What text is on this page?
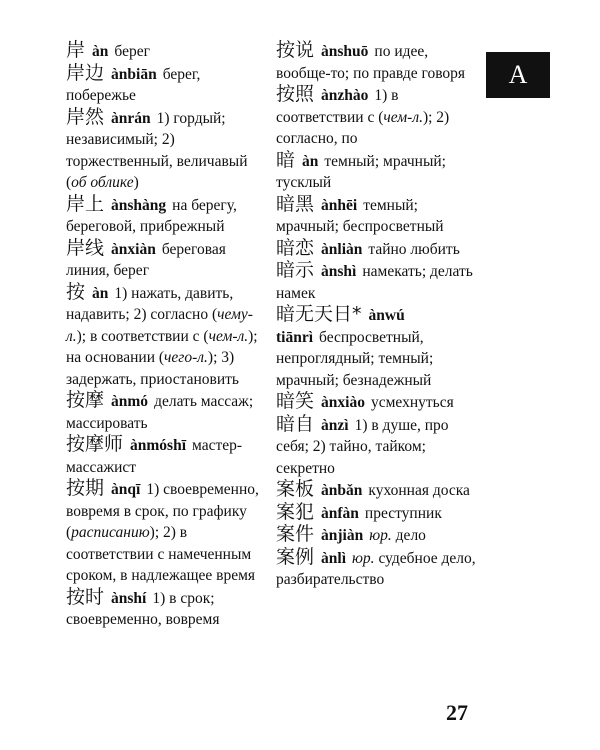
岸 àn берег
岸边 ànbiān берег, побережье
岸然 ànrán 1) гордый; независимый; 2) торжественный, величавый (об облике)
岸上 ànshàng на берегу, береговой, прибрежный
岸线 ànxiàn береговая линия, берег
按 àn 1) нажать, давить, надавить; 2) согласно (чему-л.); в соответствии с (чем-л.); на основании (чего-л.); 3) задержать, приостановить
按摩 ànmó делать массаж; массировать
按摩师 ànmóshī мастер-массажист
按期 ànqī 1) своевременно, вовремя в срок, по графику (расписанию); 2) в соответствии с намеченным сроком, в надлежащее время
按时 ànshí 1) в срок; своевременно, вовремя
按说 ànshuō по идее, вообще-то; по правде говоря
按照 ànzhào 1) в соответствии с (чем-л.); 2) согласно, по
暗 àn темный; мрачный; тусклый
暗黑 ànhēi темный; мрачный; беспросветный
暗恋 ànliàn тайно любить
暗示 ànshì намекать; делать намек
暗无天日* ànwú tiānrì беспросветный, непроглядный; темный; мрачный; безнадежный
暗笑 ànxiào усмехнуться
暗自 ànzì 1) в душе, про себя; 2) тайно, тайком; секретно
案板 ànbǎn кухонная доска
案犯 ànfàn преступник
案件 ànjiàn юр. дело
案例 ànlì юр. судебное дело, разбирательство
A
27
